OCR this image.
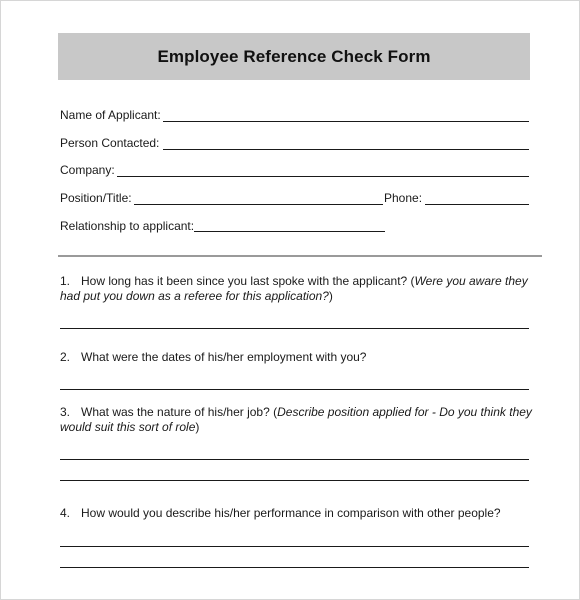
Employee Reference Check Form
Name of Applicant:
Person Contacted:
Company:
Position/Title:	Phone:
Relationship to applicant:
1. How long has it been since you last spoke with the applicant? (Were you aware they had put you down as a referee for this application?)
2. What were the dates of his/her employment with you?
3. What was the nature of his/her job? (Describe position applied for - Do you think they would suit this sort of role)
4. How would you describe his/her performance in comparison with other people?
